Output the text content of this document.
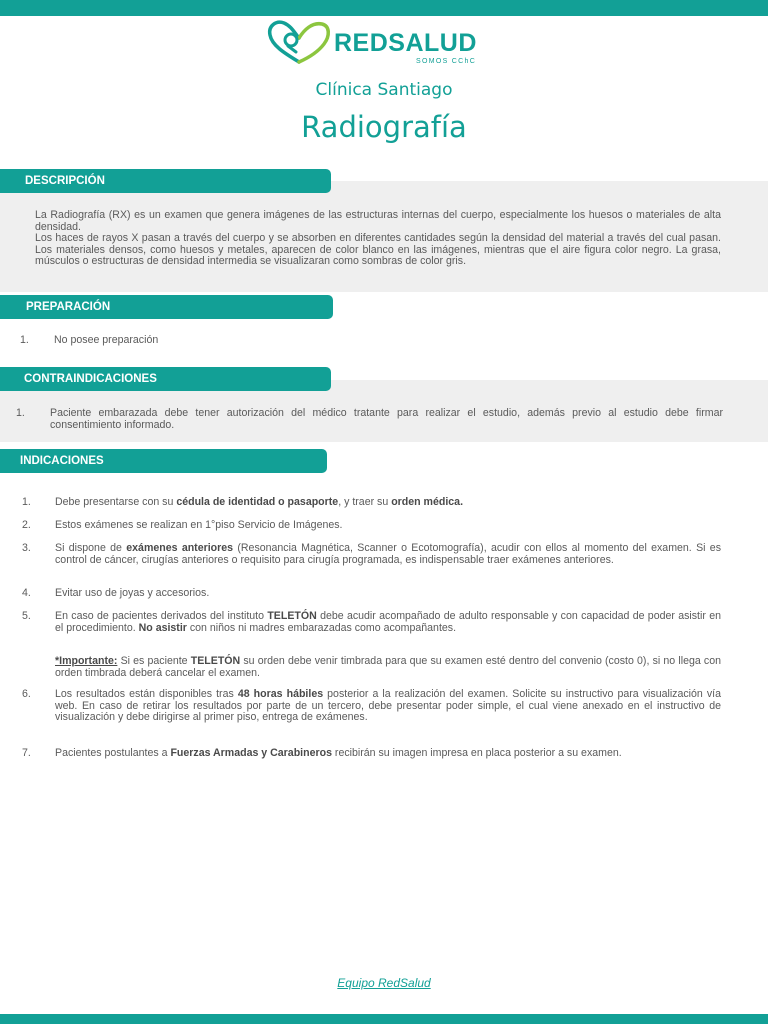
REDSALUD
SOMOS CChC
Clínica Santiago
Radiografía
DESCRIPCIÓN

La Radiografía (RX) es un examen que genera imágenes de las estructuras internas del cuerpo, especialmente los huesos o materiales de alta densidad.

Los haces de rayos X pasan a través del cuerpo y se absorben en diferentes cantidades según la densidad del material a través del cual pasan. Los materiales densos, como huesos y metales, aparecen de color blanco en las imágenes, mientras que el aire figura color negro. La grasa, músculos o estructuras de densidad intermedia se visualizaran como sombras de color gris.

PREPARACIÓN
1. No posee preparación
CONTRAINDICACIONES
1. Paciente embarazada debe tener autorización del médico tratante para realizar el estudio, además previo al estudio debe firmar consentimiento informado.
INDICACIONES
1. Debe presentarse con su cédula de identidad o pasaporte, y traer su orden médica.
2. Estos exámenes se realizan en 1°piso Servicio de Imágenes.
3. Si dispone de exámenes anteriores (Resonancia Magnética, Scanner o Ecotomografía), acudir con ellos al momento del examen. Si es control de cáncer, cirugías anteriores o requisito para cirugía programada, es indispensable traer exámenes anteriores.
4. Evitar uso de joyas y accesorios.
5. En caso de pacientes derivados del instituto TELETÓN debe acudir acompañado de adulto responsable y con capacidad de poder asistir en el procedimiento. No asistir con niños ni madres embarazadas como acompañantes.
*Importante: Si es paciente TELETÓN su orden debe venir timbrada para que su examen esté dentro del convenio (costo 0), si no llega con orden timbrada deberá cancelar el examen.
6. Los resultados están disponibles tras 48 horas hábiles posterior a la realización del examen. Solicite su instructivo para visualización vía web. En caso de retirar los resultados por parte de un tercero, debe presentar poder simple, el cual viene anexado en el instructivo de visualización y debe dirigirse al primer piso, entrega de exámenes.
7. Pacientes postulantes a Fuerzas Armadas y Carabineros recibirán su imagen impresa en placa posterior a su examen.
Equipo RedSalud
